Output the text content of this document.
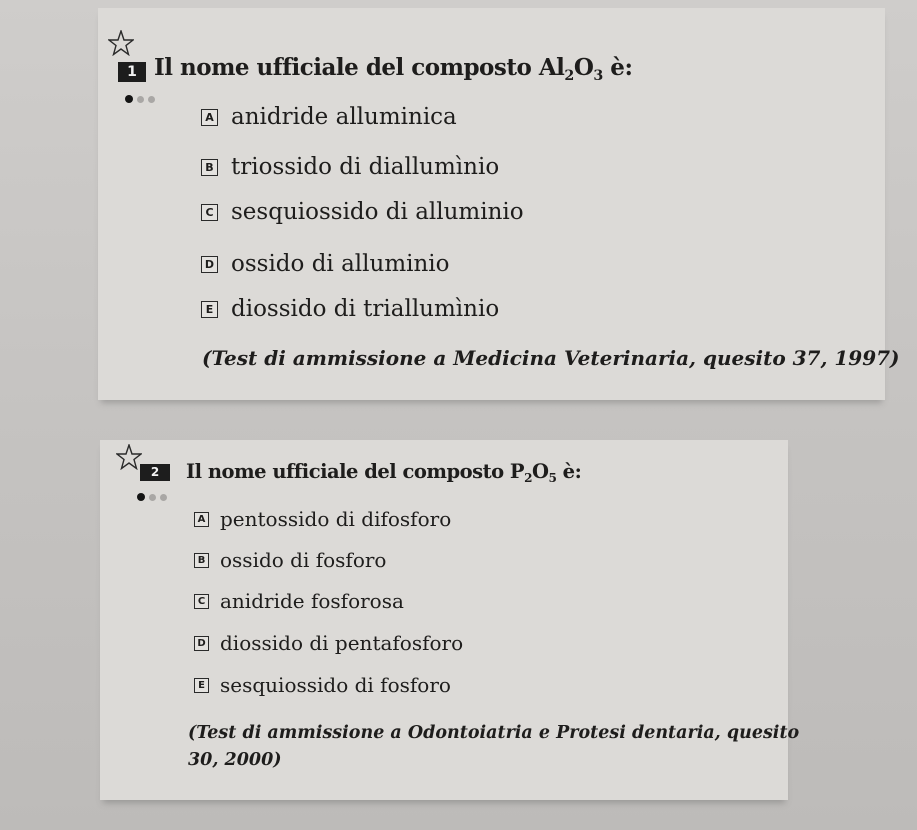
1 Il nome ufficiale del composto $Al_2O_3$ è:
A anidride alluminica
B triossido di diallumìnio
C sesquiossido di alluminio
D ossido di alluminio
E diossido di triallumìnio
(Test di ammissione a Medicina Veterinaria, quesito 37, 1997)
2	Il nome ufficiale del composto $P_2O_5$ è:
A pentossido di difosforo
B ossido di fosforo
C anidride fosforosa
D diossido di pentafosforo
E sesquiossido di fosforo
(Test di ammissione a Odontoiatria e Protesi dentaria, quesito 30, 2000)
